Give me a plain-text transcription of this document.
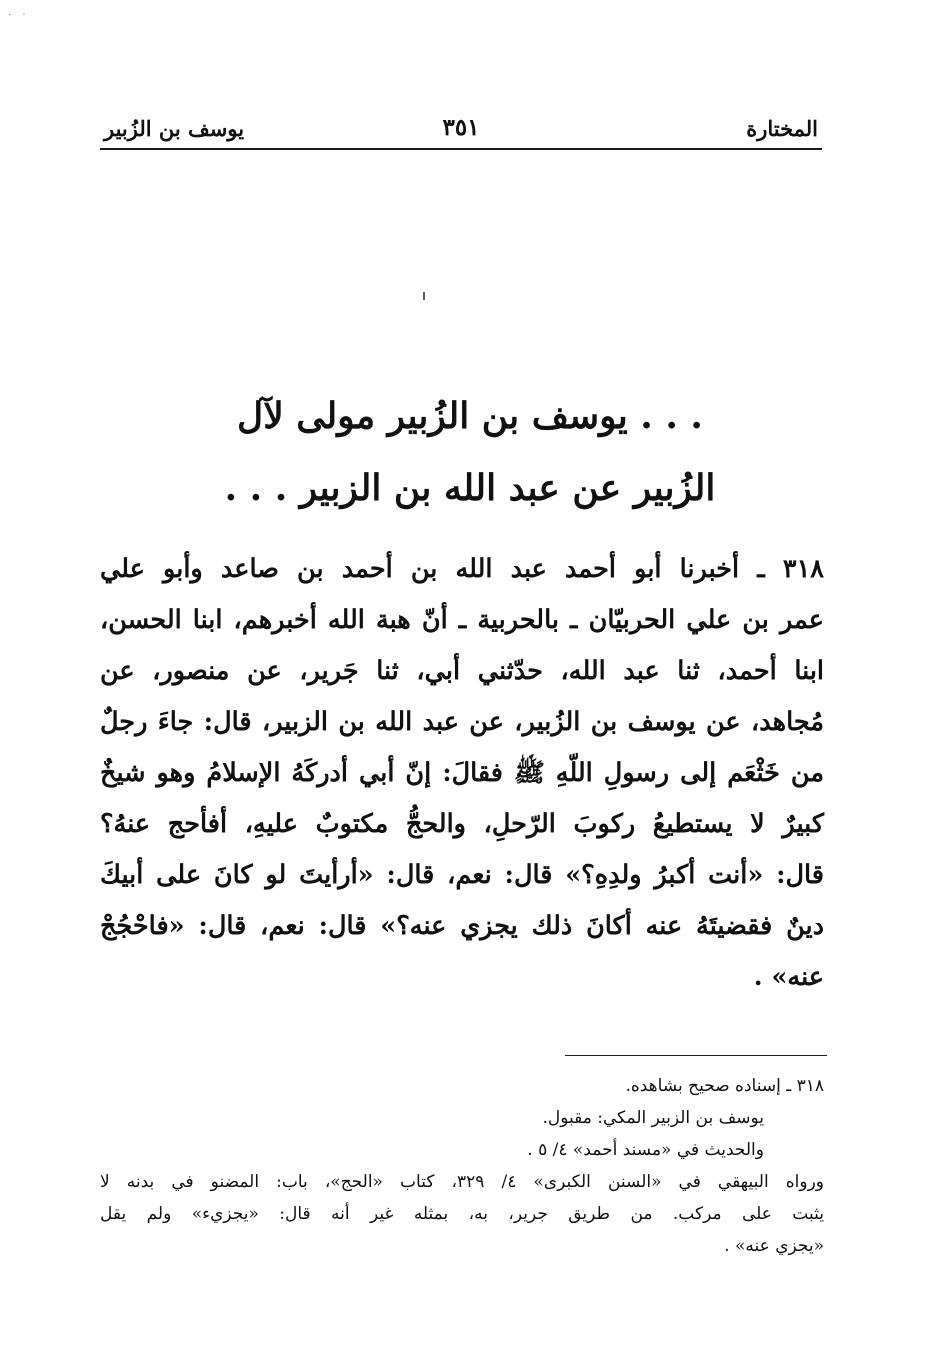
· ·
المختارة
٣٥١
يوسف بن الزُبير
. . . يوسف بن الزُبير مولى لآل
الزُبير عن عبد الله بن الزبير . . .
٣١٨ ـ أخبرنا أبو أحمد عبد الله بن أحمد بن صاعد وأبو علي
عمر بن علي الحربيّان ـ بالحربية ـ أنّ هبة الله أخبرهم، ابنا الحسن،
ابنا أحمد، ثنا عبد الله، حدّثني أبي، ثنا جَرير، عن منصور، عن
مُجاهد، عن يوسف بن الزُبير، عن عبد الله بن الزبير، قال: جاءَ رجلٌ
من خَثْعَم إلى رسولِ اللّهِ ﷺ فقالَ: إنّ أبي أدركَهُ الإسلامُ وهو شيخٌ
كبيرٌ لا يستطيعُ ركوبَ الرّحلِ، والحجُّ مكتوبٌ عليهِ، أفأحج عنهُ؟
قال: «أنت أكبرُ ولدِهِ؟» قال: نعم، قال: «أرأيتَ لو كانَ على أبيكَ
دينٌ فقضيتَهُ عنه أكانَ ذلك يجزي عنه؟» قال: نعم، قال: «فاحْجُجْ
عنه» .
٣١٨ ـ إسناده صحيح بشاهده.
يوسف بن الزبير المكي: مقبول.
والحديث في «مسند أحمد» ٤/ ٥ .
ورواه البيهقي في «السنن الكبرى» ٤/ ٣٢٩، كتاب «الحج»، باب: المضنو في بدنه لا
يثبت على مركب. من طريق جرير، به، بمثله غير أنه قال: «يجزيء» ولم يقل
«يجزي عنه» .
